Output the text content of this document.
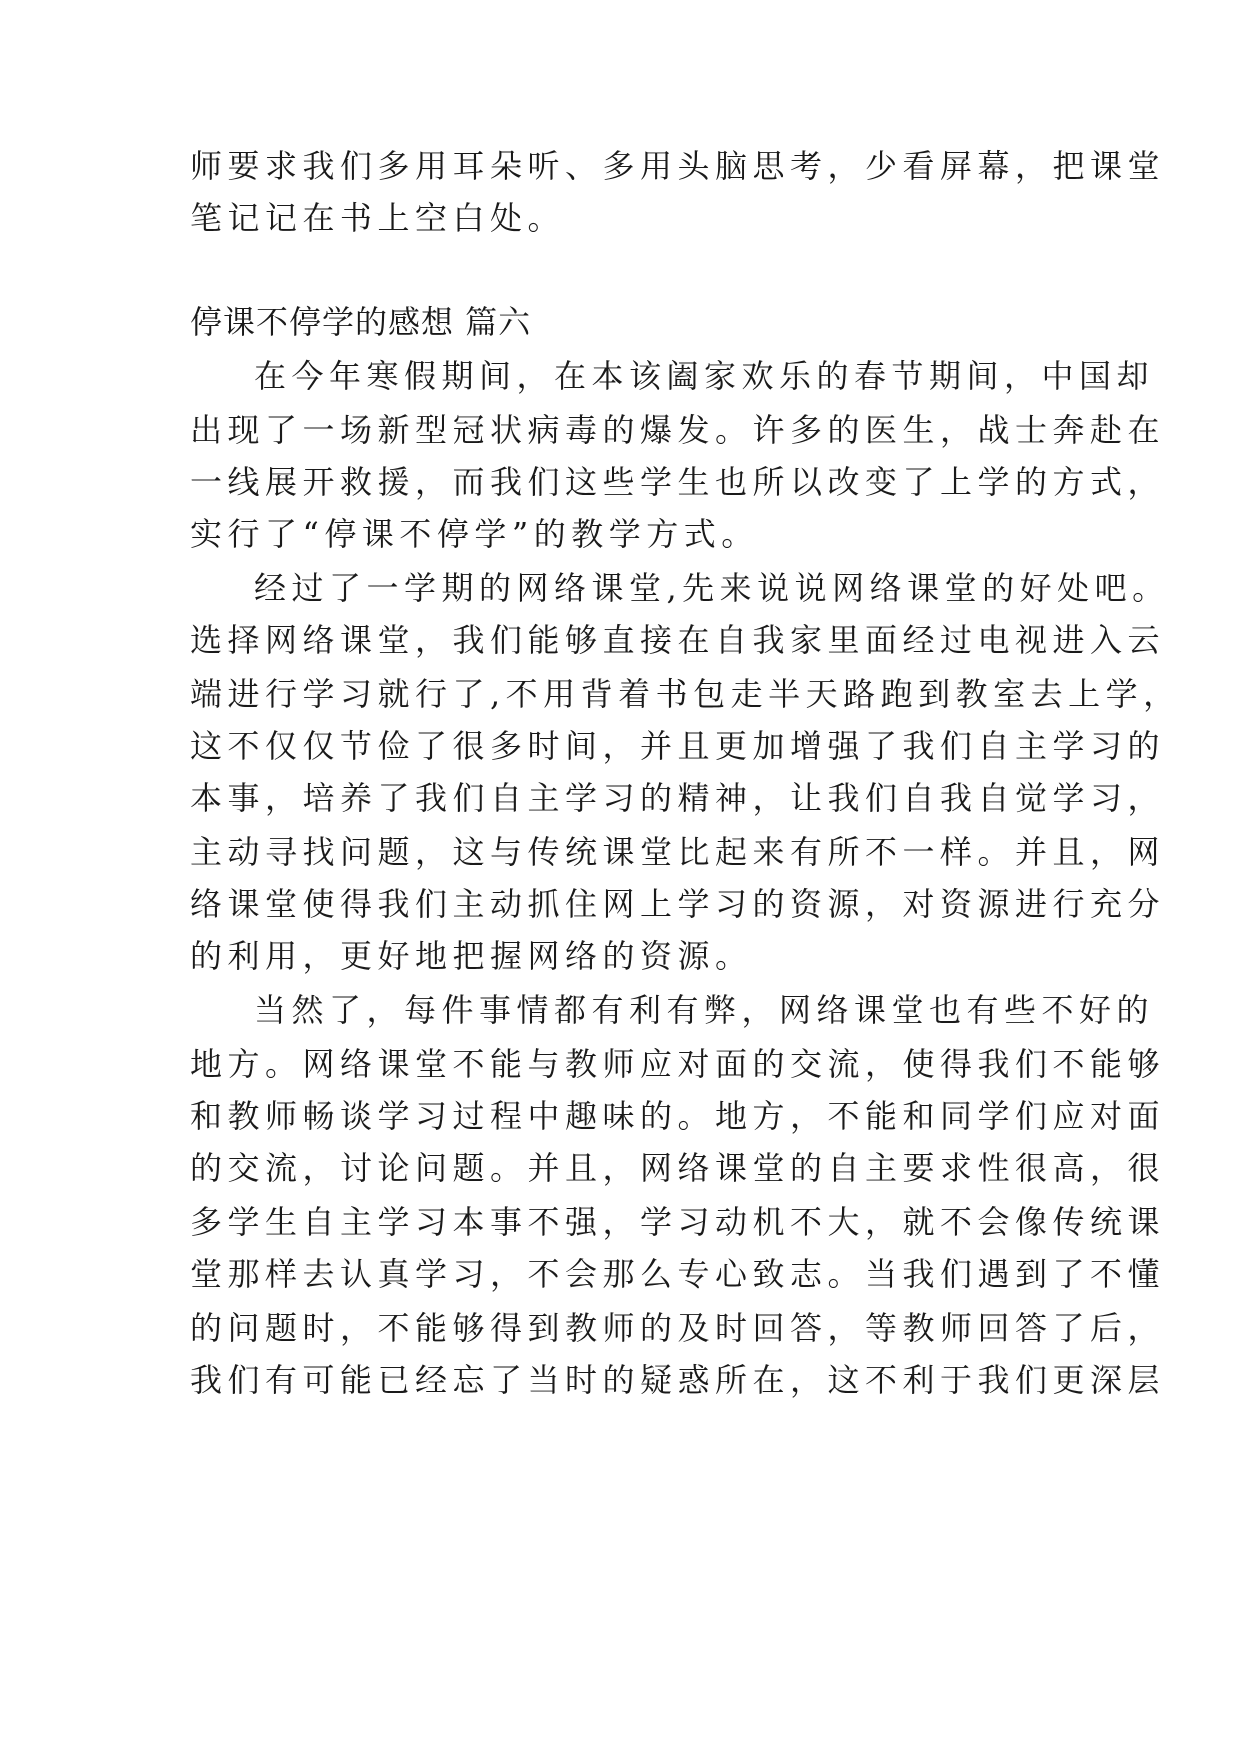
师要求我们多用耳朵听、多用头脑思考，少看屏幕，把课堂
笔记记在书上空白处。
停课不停学的感想 篇六
在今年寒假期间，在本该阖家欢乐的春节期间，中国却
出现了一场新型冠状病毒的爆发。许多的医生，战士奔赴在
一线展开救援，而我们这些学生也所以改变了上学的方式，
实行了“停课不停学”的教学方式。
经过了一学期的网络课堂,先来说说网络课堂的好处吧。
选择网络课堂，我们能够直接在自我家里面经过电视进入云
端进行学习就行了,不用背着书包走半天路跑到教室去上学，
这不仅仅节俭了很多时间，并且更加增强了我们自主学习的
本事，培养了我们自主学习的精神，让我们自我自觉学习，
主动寻找问题，这与传统课堂比起来有所不一样。并且，网
络课堂使得我们主动抓住网上学习的资源，对资源进行充分
的利用，更好地把握网络的资源。
当然了，每件事情都有利有弊，网络课堂也有些不好的
地方。网络课堂不能与教师应对面的交流，使得我们不能够
和教师畅谈学习过程中趣味的。地方，不能和同学们应对面
的交流，讨论问题。并且，网络课堂的自主要求性很高，很
多学生自主学习本事不强，学习动机不大，就不会像传统课
堂那样去认真学习，不会那么专心致志。当我们遇到了不懂
的问题时，不能够得到教师的及时回答，等教师回答了后，
我们有可能已经忘了当时的疑惑所在，这不利于我们更深层
